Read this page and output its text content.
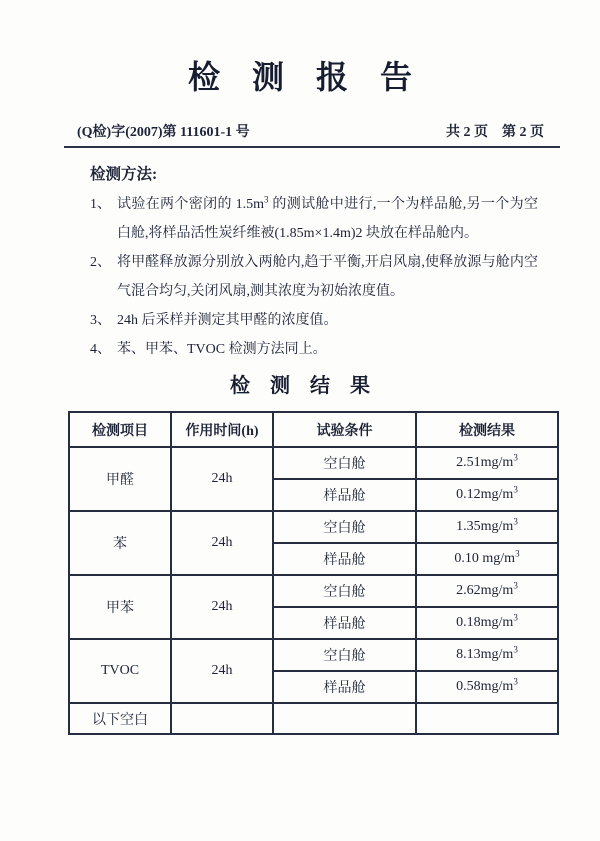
检　测　报　告
(Q检)字(2007)第 111601-1 号	共 2 页　第 2 页
检测方法:
1、 试验在两个密闭的 $1.5m^3$ 的测试舱中进行,一个为样品舱,另一个为空白舱,将样品活性炭纤维被(1.85m×1.4m)2 块放在样品舱内。
2、 将甲醛释放源分别放入两舱内,趋于平衡,开启风扇,使释放源与舱内空气混合均匀,关闭风扇,测其浓度为初始浓度值。
3、 24h 后采样并测定其甲醛的浓度值。
4、 苯、甲苯、TVOC 检测方法同上。
检　测　结　果
检测项目	作用时间(h)	试验条件	检测结果
甲醛	24h	空白舱	$2.51mg/m^3$
		样品舱	$0.12mg/m^3$
苯	24h	空白舱	$1.35mg/m^3$
		样品舱	0.10 $mg/m^3$
甲苯	24h	空白舱	$2.62mg/m^3$
		样品舱	$0.18mg/m^3$
TVOC	24h	空白舱	$8.13mg/m^3$
		样品舱	$0.58mg/m^3$
以下空白			
